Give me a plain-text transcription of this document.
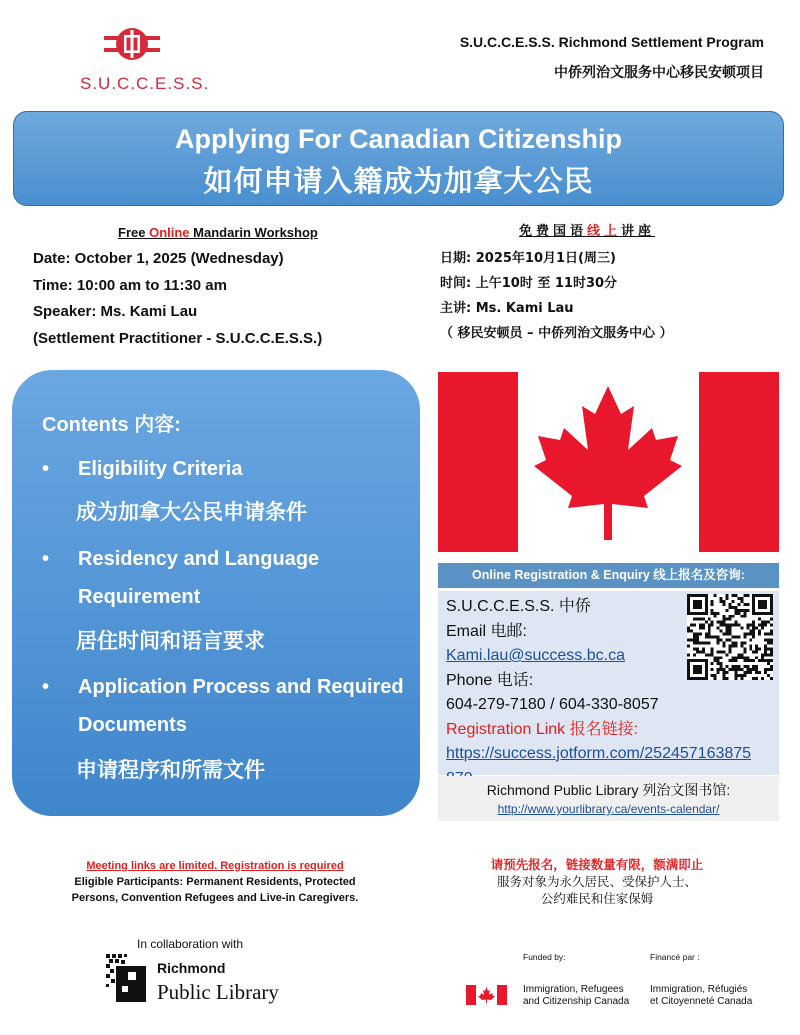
S.U.C.C.E.S.S.
S.U.C.C.E.S.S. Richmond Settlement Program
中侨列治文服务中心移民安顿项目
Applying For Canadian Citizenship
如何申请入籍成为加拿大公民
Free Online Mandarin Workshop
Date: October 1, 2025 (Wednesday)
Time: 10:00 am to 11:30 am
Speaker: Ms. Kami Lau
(Settlement Practitioner - S.U.C.C.E.S.S.)
免费国语线上讲座
日期: 2025年10月1日(周三)
时间: 上午10时 至 11时30分
主讲: Ms. Kami Lau
（ 移民安顿员 – 中侨列治文服务中心 ）
Contents 内容:
• Eligibility Criteria
成为加拿大公民申请条件
• Residency and Language Requirement
居住时间和语言要求
• Application Process and Required Documents
申请程序和所需文件
Online Registration & Enquiry 线上报名及咨询:
S.U.C.C.E.S.S. 中侨
Email 电邮:
Kami.lau@success.bc.ca
Phone 电话:
604-279-7180 / 604-330-8057
Registration Link 报名链接:
https://success.jotform.com/252457163875
Richmond Public Library 列治文图书馆:
http://www.yourlibrary.ca/events-calendar/
Meeting links are limited. Registration is required
Eligible Participants: Permanent Residents, Protected
Persons, Convention Refugees and Live-in Caregivers.
请预先报名，链接数量有限，额满即止
服务对象为永久居民、受保护人士、
公约难民和住家保姆
In collaboration with
Richmond
Public Library
Funded by:	Financé par :
Immigration, Refugees
and Citizenship Canada
Immigration, Réfugiés
et Citoyenneté Canada
